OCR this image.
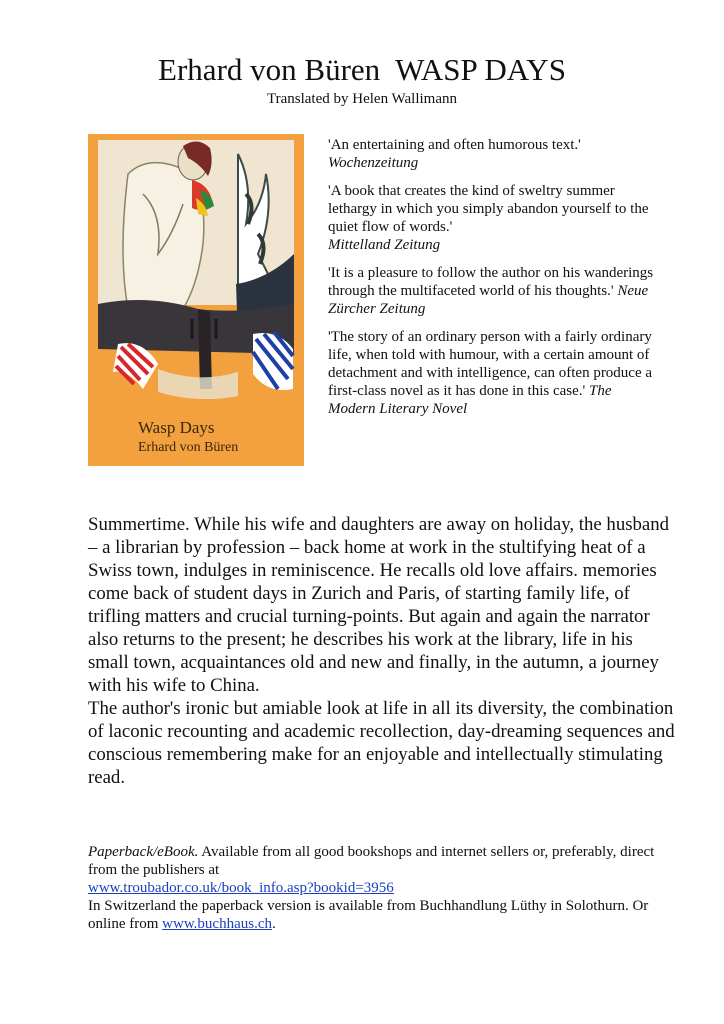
Erhard von Büren  WASP DAYS
Translated by Helen Wallimann
Wasp Days
Erhard von Büren
'An entertaining and often humorous text.'
Wochenzeitung
'A book that creates the kind of sweltry summer lethargy in which you simply abandon yourself to the quiet flow of words.'
Mittelland Zeitung
'It is a pleasure to follow the author on his wanderings through the multifaceted world of his thoughts.' Neue Zürcher Zeitung
'The story of an ordinary person with a fairly ordinary life, when told with humour, with a certain amount of detachment and with intelligence, can often produce a first-class novel as it has done in this case.' The Modern Literary Novel

Summertime. While his wife and daughters are away on holiday, the husband – a librarian by profession – back home at work in the stultifying heat of a Swiss town, indulges in reminiscence. He recalls old love affairs. memories come back of student days in Zurich and Paris, of starting family life, of trifling matters and crucial turning-points. But again and again the narrator also returns to the present; he describes his work at the library, life in his small town, acquaintances old and new and finally, in the autumn, a journey with his wife to China.

The author's ironic but amiable look at life in all its diversity, the combination of laconic recounting and academic recollection, day-dreaming sequences and conscious remembering make for an enjoyable and intellectually stimulating read.

Paperback/eBook. Available from all good bookshops and internet sellers or, preferably, direct from the publishers at

www.troubador.co.uk/book_info.asp?bookid=3956

In Switzerland the paperback version is available from Buchhandlung Lüthy in Solothurn. Or online from www.buchhaus.ch.
